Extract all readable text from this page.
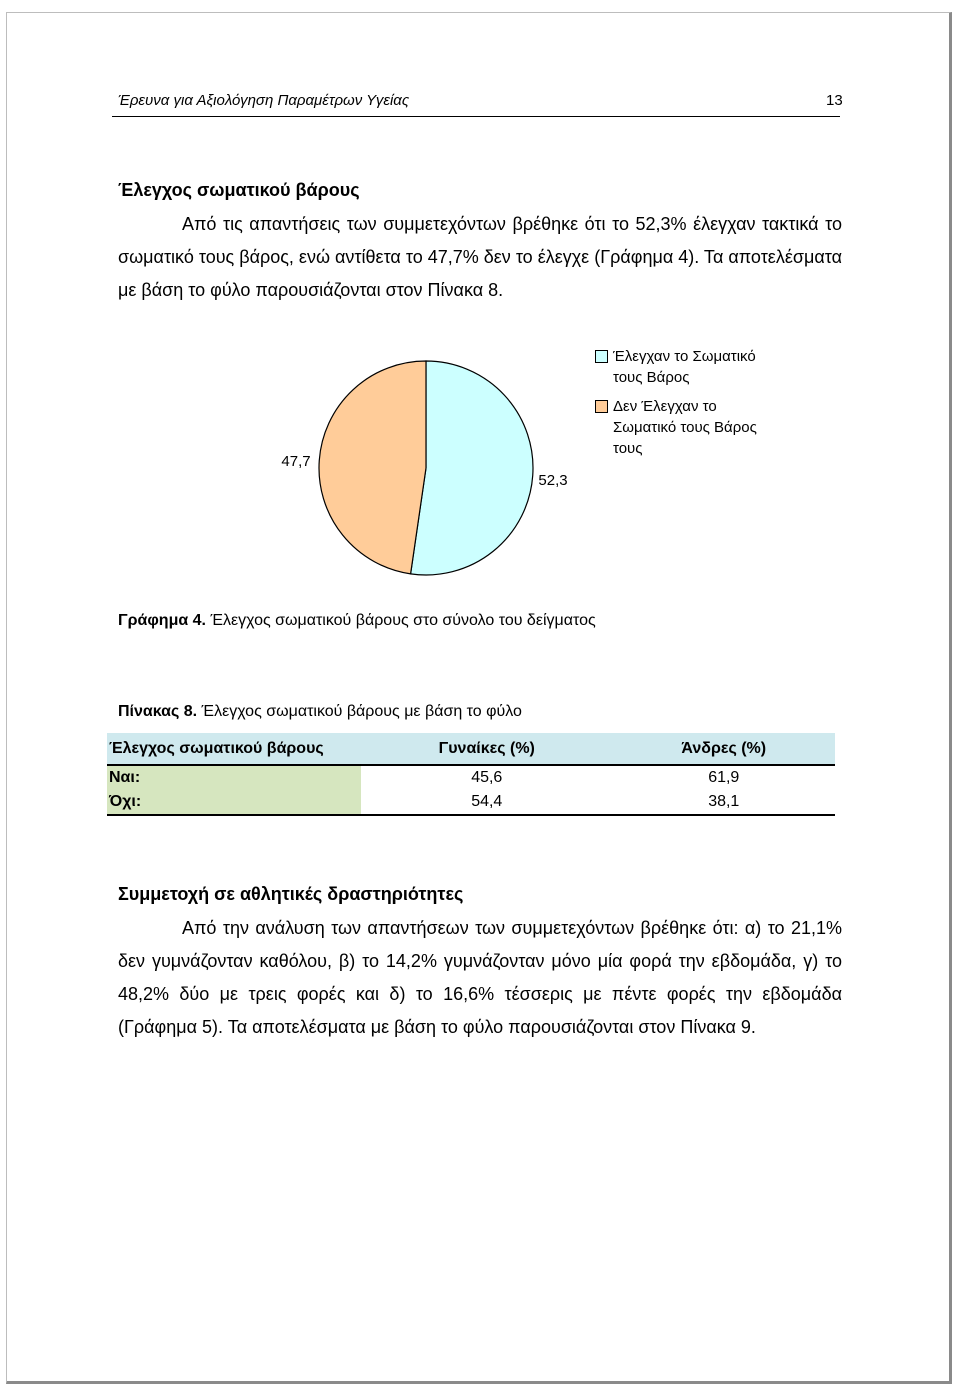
Έρευνα για Αξιολόγηση Παραμέτρων Υγείας	13
Έλεγχος σωματικού βάρους

Από τις απαντήσεις των συμμετεχόντων βρέθηκε ότι το 52,3% έλεγχαν τακτικά το σωματικό τους βάρος, ενώ αντίθετα το 47,7% δεν το έλεγχε (Γράφημα 4). Τα αποτελέσματα με βάση το φύλο παρουσιάζονται στον Πίνακα 8.

52,3
47,7
Έλεγχαν το Σωματικό τους Βάρος
Δεν Έλεγχαν το Σωματικό τους Βάρος τους
Γράφημα 4. Έλεγχος σωματικού βάρους στο σύνολο του δείγματος
Πίνακας 8. Έλεγχος σωματικού βάρους με βάση το φύλο
Έλεγχος σωματικού βάρους	Γυναίκες (%)	Άνδρες (%)
Ναι:	45,6	61,9
Όχι:	54,4	38,1
Συμμετοχή σε αθλητικές δραστηριότητες

Από την ανάλυση των απαντήσεων των συμμετεχόντων βρέθηκε ότι: α) το 21,1% δεν γυμνάζονταν καθόλου, β) το 14,2% γυμνάζονταν μόνο μία φορά την εβδομάδα, γ) το 48,2% δύο με τρεις φορές και δ) το 16,6% τέσσερις με πέντε φορές την εβδομάδα (Γράφημα 5). Τα αποτελέσματα με βάση το φύλο παρουσιάζονται στον Πίνακα 9.
